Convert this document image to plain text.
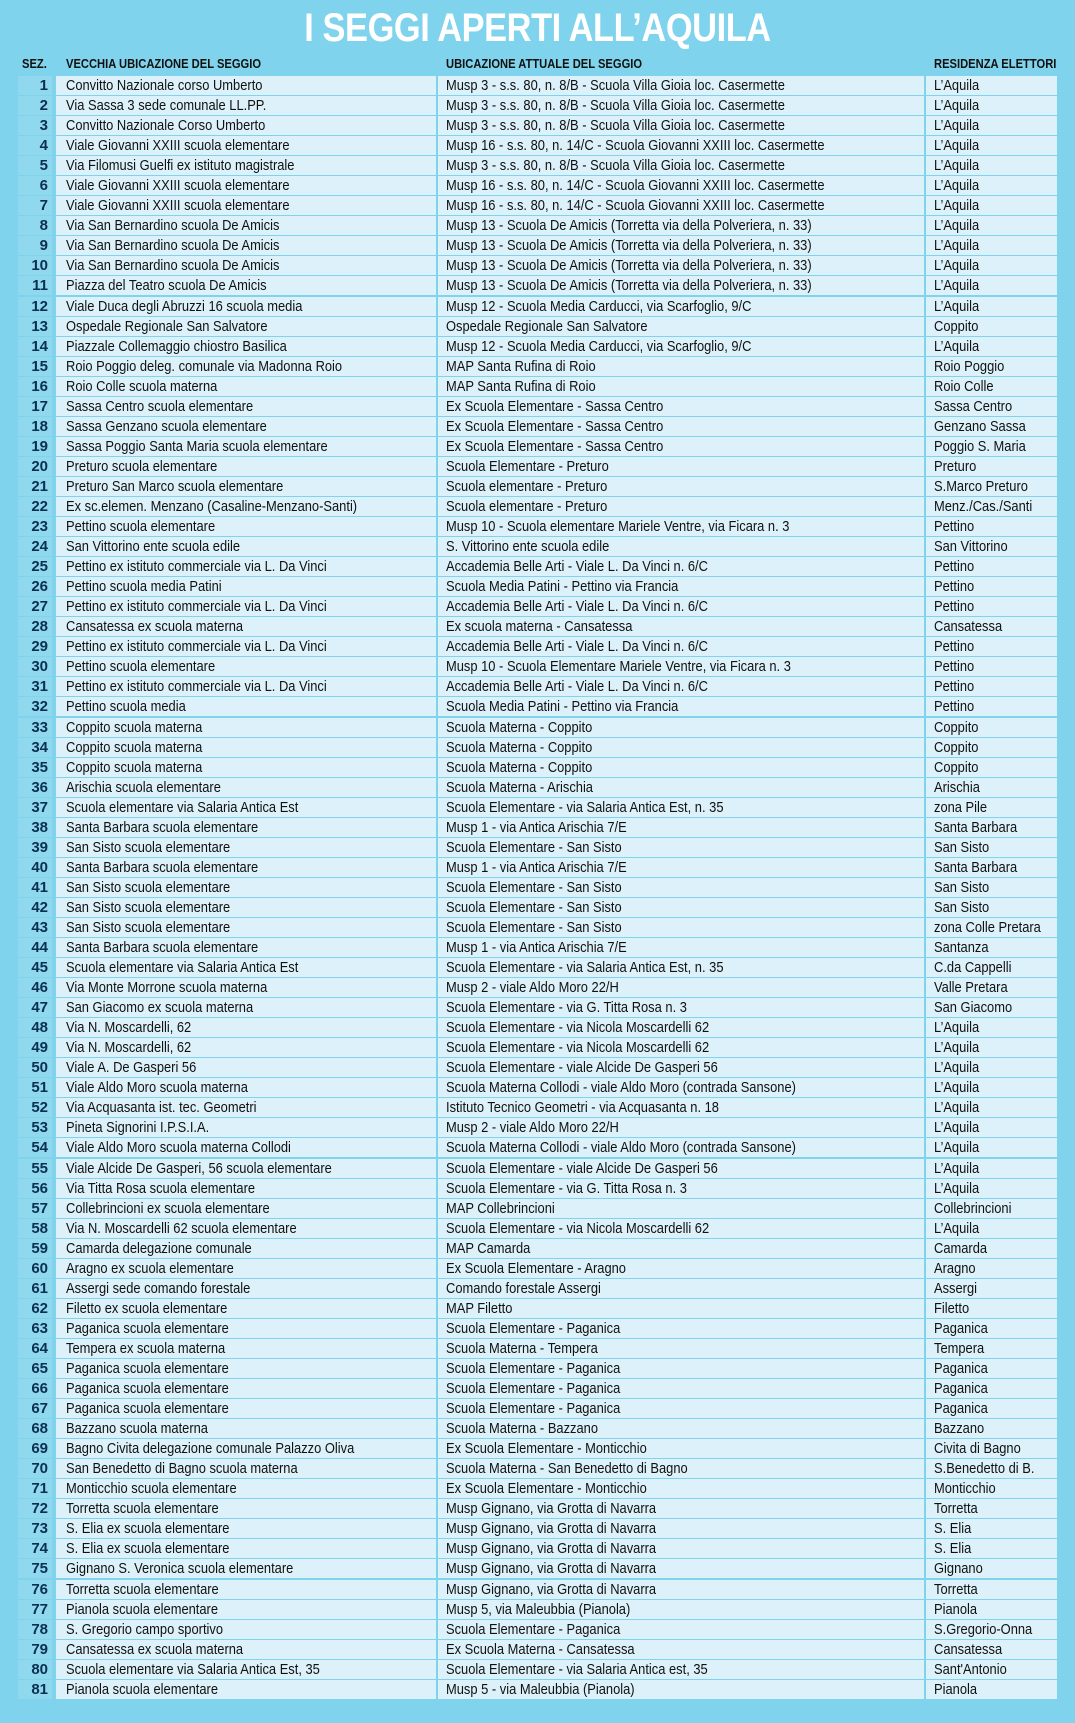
I SEGGI APERTI ALL’AQUILA
SEZ. VECCHIA UBICAZIONE DEL SEGGIO	UBICAZIONE ATTUALE DEL SEGGIO	RESIDENZA ELETTORI
1 Convitto Nazionale corso Umberto	Musp 3 - s.s. 80, n. 8/B - Scuola Villa Gioia loc. Casermette	L’Aquila
2 Via Sassa 3 sede comunale LL.PP.	Musp 3 - s.s. 80, n. 8/B - Scuola Villa Gioia loc. Casermette	L’Aquila
3 Convitto Nazionale Corso Umberto	Musp 3 - s.s. 80, n. 8/B - Scuola Villa Gioia loc. Casermette	L’Aquila
4 Viale Giovanni XXIII scuola elementare	Musp 16 - s.s. 80, n. 14/C - Scuola Giovanni XXIII loc. Casermette	L’Aquila
5 Via Filomusi Guelfi ex istituto magistrale	Musp 3 - s.s. 80, n. 8/B - Scuola Villa Gioia loc. Casermette	L’Aquila
6 Viale Giovanni XXIII scuola elementare	Musp 16 - s.s. 80, n. 14/C - Scuola Giovanni XXIII loc. Casermette	L’Aquila
7 Viale Giovanni XXIII scuola elementare	Musp 16 - s.s. 80, n. 14/C - Scuola Giovanni XXIII loc. Casermette	L’Aquila
8 Via San Bernardino scuola De Amicis	Musp 13 - Scuola De Amicis (Torretta via della Polveriera, n. 33)	L’Aquila
9 Via San Bernardino scuola De Amicis	Musp 13 - Scuola De Amicis (Torretta via della Polveriera, n. 33)	L’Aquila
10 Via San Bernardino scuola De Amicis	Musp 13 - Scuola De Amicis (Torretta via della Polveriera, n. 33)	L’Aquila
11 Piazza del Teatro scuola De Amicis	Musp 13 - Scuola De Amicis (Torretta via della Polveriera, n. 33)	L’Aquila
12 Viale Duca degli Abruzzi 16 scuola media	Musp 12 - Scuola Media Carducci, via Scarfoglio, 9/C	L’Aquila
13 Ospedale Regionale San Salvatore	Ospedale Regionale San Salvatore	Coppito
14 Piazzale Collemaggio chiostro Basilica	Musp 12 - Scuola Media Carducci, via Scarfoglio, 9/C	L’Aquila
15 Roio Poggio deleg. comunale via Madonna Roio	MAP Santa Rufina di Roio	Roio Poggio
16 Roio Colle scuola materna	MAP Santa Rufina di Roio	Roio Colle
17 Sassa Centro scuola elementare	Ex Scuola Elementare - Sassa Centro	Sassa Centro
18 Sassa Genzano scuola elementare	Ex Scuola Elementare - Sassa Centro	Genzano Sassa
19 Sassa Poggio Santa Maria scuola elementare	Ex Scuola Elementare - Sassa Centro	Poggio S. Maria
20 Preturo scuola elementare	Scuola Elementare - Preturo	Preturo
21 Preturo San Marco scuola elementare	Scuola elementare - Preturo	S.Marco Preturo
22 Ex sc.elemen. Menzano (Casaline-Menzano-Santi)	Scuola elementare - Preturo	Menz./Cas./Santi
23 Pettino scuola elementare	Musp 10 - Scuola elementare Mariele Ventre, via Ficara n. 3	Pettino
24 San Vittorino ente scuola edile	S. Vittorino ente scuola edile	San Vittorino
25 Pettino ex istituto commerciale via L. Da Vinci	Accademia Belle Arti - Viale L. Da Vinci n. 6/C	Pettino
26 Pettino scuola media Patini	Scuola Media Patini - Pettino via Francia	Pettino
27 Pettino ex istituto commerciale via L. Da Vinci	Accademia Belle Arti - Viale L. Da Vinci n. 6/C	Pettino
28 Cansatessa ex scuola materna	Ex scuola materna - Cansatessa	Cansatessa
29 Pettino ex istituto commerciale via L. Da Vinci	Accademia Belle Arti - Viale L. Da Vinci n. 6/C	Pettino
30 Pettino scuola elementare	Musp 10 - Scuola Elementare Mariele Ventre, via Ficara n. 3	Pettino
31 Pettino ex istituto commerciale via L. Da Vinci	Accademia Belle Arti - Viale L. Da Vinci n. 6/C	Pettino
32 Pettino scuola media	Scuola Media Patini - Pettino via Francia	Pettino
33 Coppito scuola materna	Scuola Materna - Coppito	Coppito
34 Coppito scuola materna	Scuola Materna - Coppito	Coppito
35 Coppito scuola materna	Scuola Materna - Coppito	Coppito
36 Arischia scuola elementare	Scuola Materna - Arischia	Arischia
37 Scuola elementare via Salaria Antica Est	Scuola Elementare - via Salaria Antica Est, n. 35	zona Pile
38 Santa Barbara scuola elementare	Musp 1 - via Antica Arischia 7/E	Santa Barbara
39 San Sisto scuola elementare	Scuola Elementare - San Sisto	San Sisto
40 Santa Barbara scuola elementare	Musp 1 - via Antica Arischia 7/E	Santa Barbara
41 San Sisto scuola elementare	Scuola Elementare - San Sisto	San Sisto
42 San Sisto scuola elementare	Scuola Elementare - San Sisto	San Sisto
43 San Sisto scuola elementare	Scuola Elementare - San Sisto	zona Colle Pretara
44 Santa Barbara scuola elementare	Musp 1 - via Antica Arischia 7/E	Santanza
45 Scuola elementare via Salaria Antica Est	Scuola Elementare - via Salaria Antica Est, n. 35	C.da Cappelli
46 Via Monte Morrone scuola materna	Musp 2 - viale Aldo Moro 22/H	Valle Pretara
47 San Giacomo ex scuola materna	Scuola Elementare - via G. Titta Rosa n. 3	San Giacomo
48 Via N. Moscardelli, 62	Scuola Elementare - via Nicola Moscardelli 62	L’Aquila
49 Via N. Moscardelli, 62	Scuola Elementare - via Nicola Moscardelli 62	L’Aquila
50 Viale A. De Gasperi 56	Scuola Elementare - viale Alcide De Gasperi 56	L’Aquila
51 Viale Aldo Moro scuola materna	Scuola Materna Collodi - viale Aldo Moro (contrada Sansone)	L’Aquila
52 Via Acquasanta ist. tec. Geometri	Istituto Tecnico Geometri - via Acquasanta n. 18	L’Aquila
53 Pineta Signorini I.P.S.I.A.	Musp 2 - viale Aldo Moro 22/H	L’Aquila
54 Viale Aldo Moro scuola materna Collodi	Scuola Materna Collodi - viale Aldo Moro (contrada Sansone)	L’Aquila
55 Viale Alcide De Gasperi, 56 scuola elementare	Scuola Elementare - viale Alcide De Gasperi 56	L’Aquila
56 Via Titta Rosa scuola elementare	Scuola Elementare - via G. Titta Rosa n. 3	L’Aquila
57 Collebrincioni ex scuola elementare	MAP Collebrincioni	Collebrincioni
58 Via N. Moscardelli 62 scuola elementare	Scuola Elementare - via Nicola Moscardelli 62	L’Aquila
59 Camarda delegazione comunale	MAP Camarda	Camarda
60 Aragno ex scuola elementare	Ex Scuola Elementare - Aragno	Aragno
61 Assergi sede comando forestale	Comando forestale Assergi	Assergi
62 Filetto ex scuola elementare	MAP Filetto	Filetto
63 Paganica scuola elementare	Scuola Elementare - Paganica	Paganica
64 Tempera ex scuola materna	Scuola Materna - Tempera	Tempera
65 Paganica scuola elementare	Scuola Elementare - Paganica	Paganica
66 Paganica scuola elementare	Scuola Elementare - Paganica	Paganica
67 Paganica scuola elementare	Scuola Elementare - Paganica	Paganica
68 Bazzano scuola materna	Scuola Materna - Bazzano	Bazzano
69 Bagno Civita delegazione comunale Palazzo Oliva	Ex Scuola Elementare - Monticchio	Civita di Bagno
70 San Benedetto di Bagno scuola materna	Scuola Materna - San Benedetto di Bagno	S.Benedetto di B.
71 Monticchio scuola elementare	Ex Scuola Elementare - Monticchio	Monticchio
72 Torretta scuola elementare	Musp Gignano, via Grotta di Navarra	Torretta
73 S. Elia ex scuola elementare	Musp Gignano, via Grotta di Navarra	S. Elia
74 S. Elia ex scuola elementare	Musp Gignano, via Grotta di Navarra	S. Elia
75 Gignano S. Veronica scuola elementare	Musp Gignano, via Grotta di Navarra	Gignano
76 Torretta scuola elementare	Musp Gignano, via Grotta di Navarra	Torretta
77 Pianola scuola elementare	Musp 5, via Maleubbia (Pianola)	Pianola
78 S. Gregorio campo sportivo	Scuola Elementare - Paganica	S.Gregorio-Onna
79 Cansatessa ex scuola materna	Ex Scuola Materna - Cansatessa	Cansatessa
80 Scuola elementare via Salaria Antica Est, 35	Scuola Elementare - via Salaria Antica est, 35	Sant'Antonio
81 Pianola scuola elementare	Musp 5 - via Maleubbia (Pianola)	Pianola
